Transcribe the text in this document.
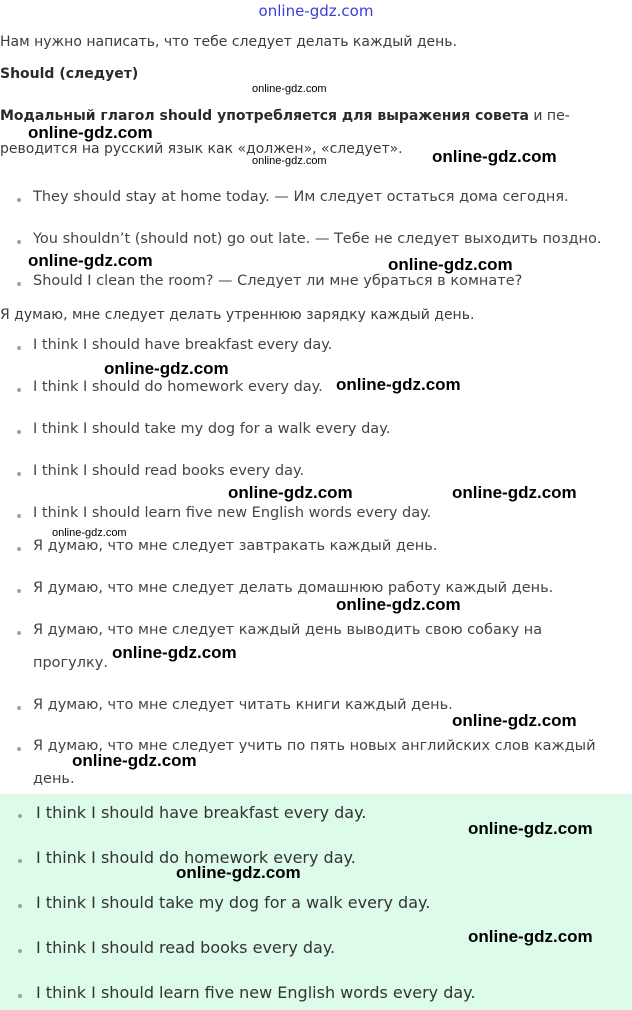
online-gdz.com
Нам нужно написать, что тебе следует делать каждый день.
Should (следует)
Модальный глагол should употребляется для выражения совета и пе-
реводится на русский язык как «должен», «следует».
They should stay at home today. — Им следует остаться дома сегодня.
You shouldn’t (should not) go out late. — Тебе не следует выходить поздно.
Should I clean the room? — Следует ли мне убраться в комнате?
Я думаю, мне следует делать утреннюю зарядку каждый день.
I think I should have breakfast every day.
I think I should do homework every day.
I think I should take my dog for a walk every day.
I think I should read books every day.
I think I should learn five new English words every day.
Я думаю, что мне следует завтракать каждый день.
Я думаю, что мне следует делать домашнюю работу каждый день.
Я думаю, что мне следует каждый день выводить свою собаку на
прогулку.
Я думаю, что мне следует читать книги каждый день.
Я думаю, что мне следует учить по пять новых английских слов каждый
день.
I think I should have breakfast every day.
I think I should do homework every day.
I think I should take my dog for a walk every day.
I think I should read books every day.
I think I should learn five new English words every day.
online-gdz.com
online-gdz.com
online-gdz.com	online-gdz.com
online-gdz.com	online-gdz.com
online-gdz.com
online-gdz.com
online-gdz.com	online-gdz.com
online-gdz.com
online-gdz.com
online-gdz.com
online-gdz.com
online-gdz.com
online-gdz.com
online-gdz.com
online-gdz.com
